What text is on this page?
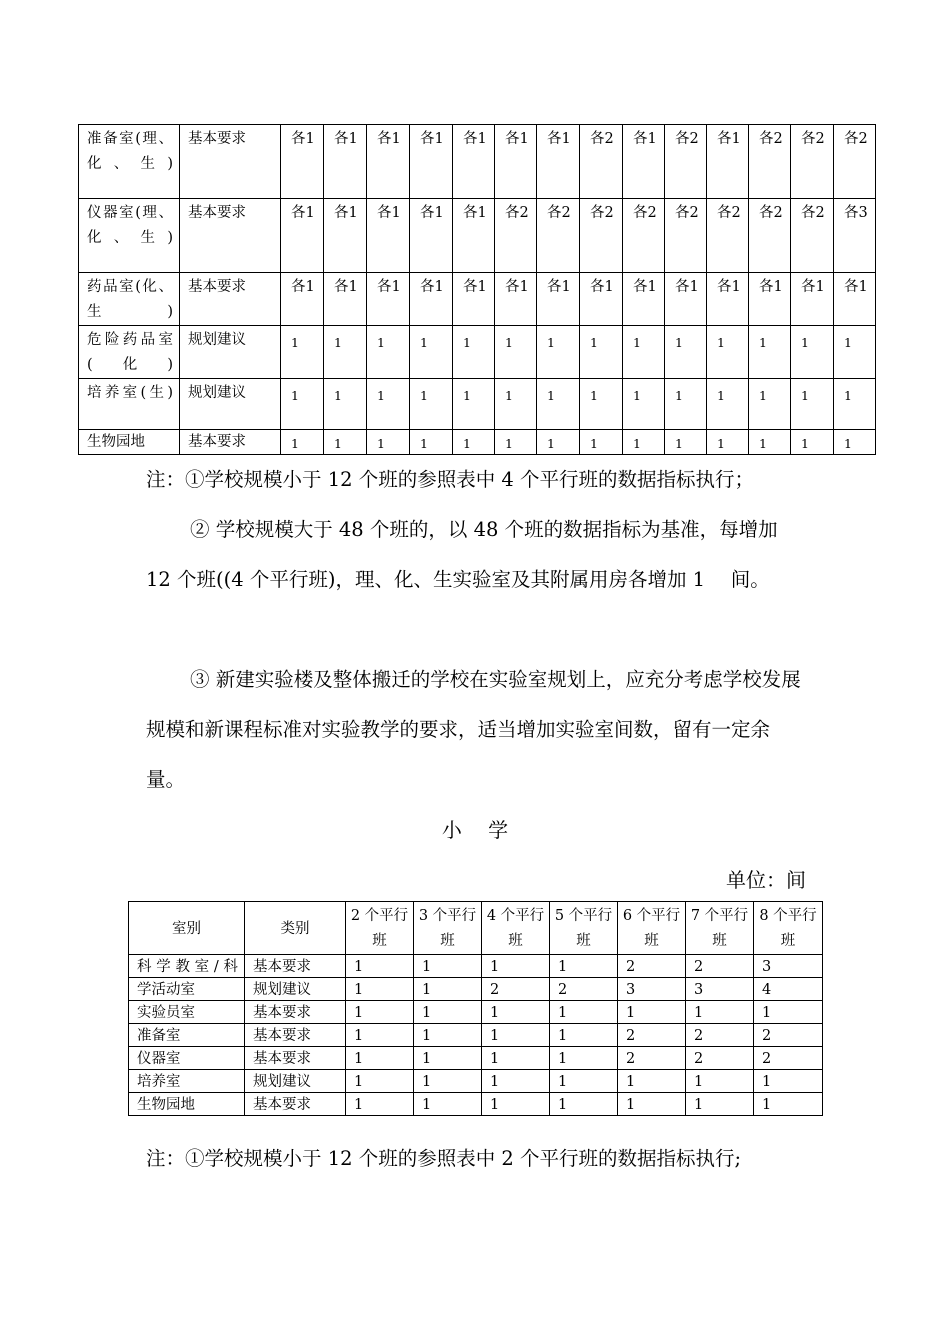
准备室(理、化、生)	基本要求	各1	各1	各1	各1	各1	各1	各1	各2	各1	各2	各1	各2	各2	各2
仪器室(理、化、生)	基本要求	各1	各1	各1	各1	各1	各2	各2	各2	各2	各2	各2	各2	各2	各3
药品室(化、生)	基本要求	各1	各1	各1	各1	各1	各1	各1	各1	各1	各1	各1	各1	各1	各1
危险药品室(化)	规划建议	1	1	1	1	1	1	1	1	1	1	1	1	1	1
培养室(生)	规划建议	1	1	1	1	1	1	1	1	1	1	1	1	1	1
生物园地	基本要求	1	1	1	1	1	1	1	1	1	1	1	1	1	1
注：①学校规模小于 12 个班的参照表中 4 个平行班的数据指标执行；
② 学校规模大于 48 个班的，以 48 个班的数据指标为基准，每增加 12 个班((4 个平行班)，理、化、生实验室及其附属用房各增加 1　 间。
③ 新建实验楼及整体搬迁的学校在实验室规划上，应充分考虑学校发展规模和新课程标准对实验教学的要求，适当增加实验室间数，留有一定余量。
小　 学
单位：间
室别	类别	2 个平行班	3 个平行班	4 个平行班	5 个平行班	6 个平行班	7 个平行班	8 个平行班
科学教室/科	基本要求	1	1	1	1	2	2	3
学活动室	规划建议	1	1	2	2	3	3	4
实验员室	基本要求	1	1	1	1	1	1	1
准备室	基本要求	1	1	1	1	2	2	2
仪器室	基本要求	1	1	1	1	2	2	2
培养室	规划建议	1	1	1	1	1	1	1
生物园地	基本要求	1	1	1	1	1	1	1
注：①学校规模小于 12 个班的参照表中 2 个平行班的数据指标执行;
